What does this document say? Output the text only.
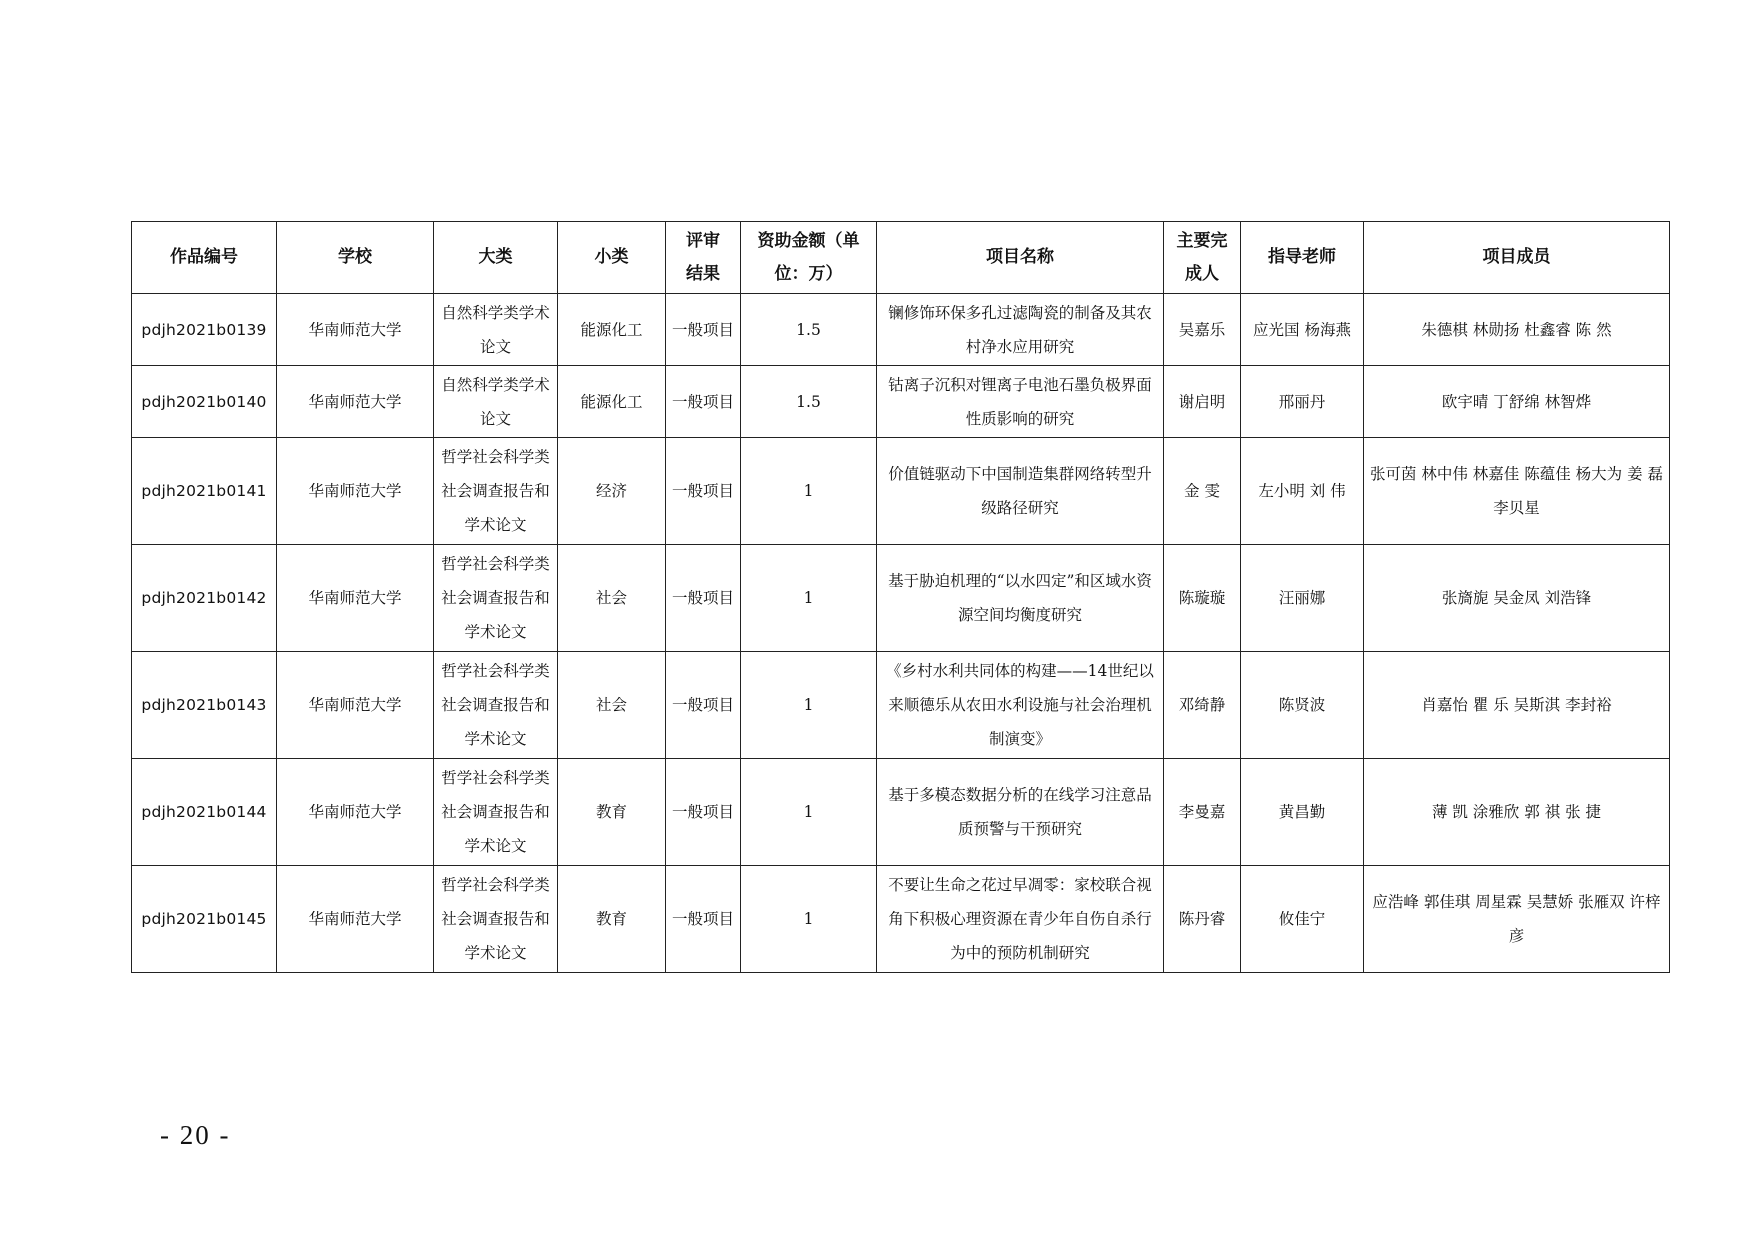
作品编号	学校	大类	小类	评审结果	资助金额（单位：万）	项目名称	主要完成人	指导老师	项目成员
pdjh2021b0139	华南师范大学	自然科学类学术论文	能源化工	一般项目	1.5	镧修饰环保多孔过滤陶瓷的制备及其农村净水应用研究	吴嘉乐	应光国 杨海燕	朱德棋 林勋扬 杜鑫睿 陈 然
pdjh2021b0140	华南师范大学	自然科学类学术论文	能源化工	一般项目	1.5	钴离子沉积对锂离子电池石墨负极界面性质影响的研究	谢启明	邢丽丹	欧宇晴 丁舒绵 林智烨
pdjh2021b0141	华南师范大学	哲学社会科学类社会调查报告和学术论文	经济	一般项目	1	价值链驱动下中国制造集群网络转型升级路径研究	金 雯	左小明 刘 伟	张可茵 林中伟 林嘉佳 陈蕴佳 杨大为 姜 磊 李贝星
pdjh2021b0142	华南师范大学	哲学社会科学类社会调查报告和学术论文	社会	一般项目	1	基于胁迫机理的“以水四定”和区域水资源空间均衡度研究	陈璇璇	汪丽娜	张旖旎 吴金凤 刘浩锋
pdjh2021b0143	华南师范大学	哲学社会科学类社会调查报告和学术论文	社会	一般项目	1	《乡村水利共同体的构建——14世纪以来顺德乐从农田水利设施与社会治理机制演变》	邓绮静	陈贤波	肖嘉怡 瞿 乐 吴斯淇 李封裕
pdjh2021b0144	华南师范大学	哲学社会科学类社会调查报告和学术论文	教育	一般项目	1	基于多模态数据分析的在线学习注意品质预警与干预研究	李曼嘉	黄昌勤	薄 凯 涂雅欣 郭 祺 张 捷
pdjh2021b0145	华南师范大学	哲学社会科学类社会调查报告和学术论文	教育	一般项目	1	不要让生命之花过早凋零：家校联合视角下积极心理资源在青少年自伤自杀行为中的预防机制研究	陈丹睿	攸佳宁	应浩峰 郭佳琪 周星霖 吴慧娇 张雁双 许梓彦
- 20 -
